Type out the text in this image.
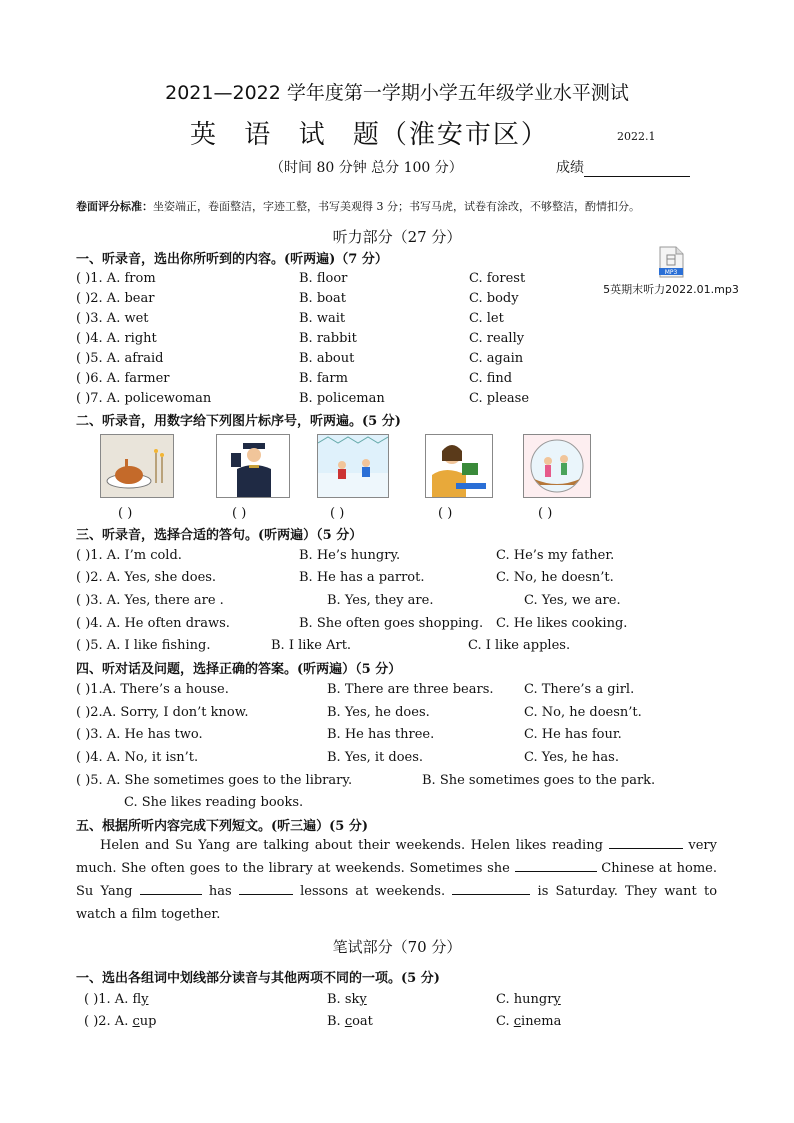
2021—2022 学年度第一学期小学五年级学业水平测试
英 语 试 题（淮安市区）	2022.1
（时间 80 分钟 总分 100 分）	成绩
卷面评分标准：坐姿端正，卷面整洁，字迹工整，书写美观得 3 分；书写马虎，试卷有涂改，不够整洁，酌情扣分。
MP3
5英期末听力2022.01.mp3
听力部分（27 分）
一、听录音，选出你所听到的内容。(听两遍)（7 分）
( )1. A. from	B. floor	C. forest
( )2. A. bear	B. boat	C. body
( )3. A. wet	B. wait	C. let
( )4. A. right	B. rabbit	C. really
( )5. A. afraid	B. about	C. again
( )6. A. farmer	B. farm	C. find
( )7. A. policewoman	B. policeman	C. please
二、听录音，用数字给下列图片标序号，听两遍。(5 分)
( )	( )	( )	( )	( )
三、听录音，选择合适的答句。(听两遍）（5 分）
( )1. A. I’m cold.	B. He’s hungry.	C. He’s my father.
( )2. A. Yes, she does.	B. He has a parrot.	C. No, he doesn’t.
( )3. A. Yes, there are .	B. Yes, they are.	C. Yes, we are.
( )4. A. He often draws.	B. She often goes shopping. C. He likes cooking.
( )5. A. I like fishing.	B. I like Art.	C. I like apples.
四、听对话及问题，选择正确的答案。(听两遍）（5 分）
( )1.A. There’s a house.	B. There are three bears. C. There’s a girl.
( )2.A. Sorry, I don’t know.	B. Yes, he does.	C. No, he doesn’t.
( )3. A. He has two.	B. He has three.	C. He has four.
( )4. A. No, it isn’t.	B. Yes, it does.	C. Yes, he has.
( )5. A. She sometimes goes to the library.	B. She sometimes goes to the park.
C. She likes reading books.
五、根据所听内容完成下列短文。(听三遍）(5 分)
Helen and Su Yang are talking about their weekends. Helen likes reading	very much. She often goes to the library at weekends. Sometimes she	Chinese at home. Su Yang	has	lessons at weekends.	is Saturday. They want to watch a film together.
笔试部分（70 分）
一、选出各组词中划线部分读音与其他两项不同的一项。(5 分)
( )1. A. fly	B. sky	C. hungry
( )2. A. cup	B. coat	C. cinema
